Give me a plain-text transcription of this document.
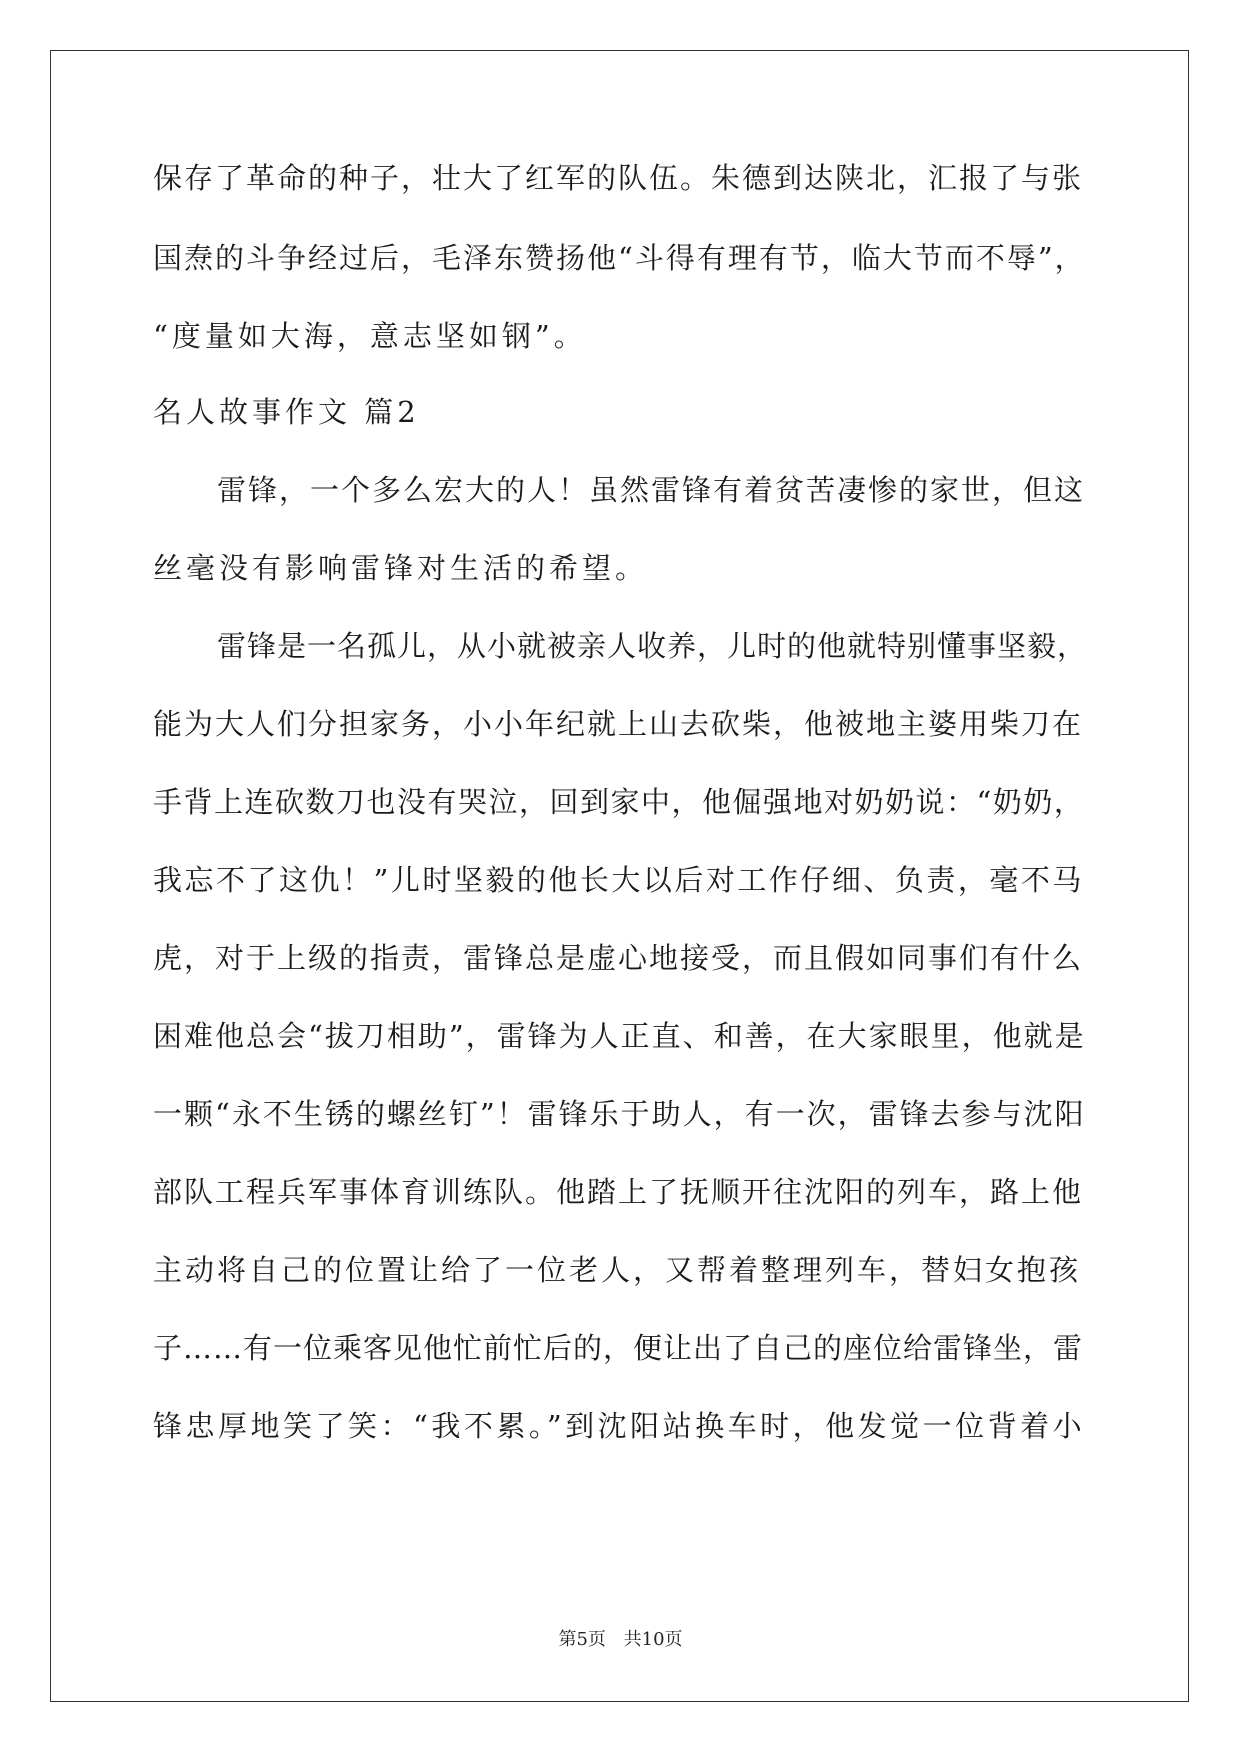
保存了革命的种子，壮大了红军的队伍。朱德到达陕北，汇报了与张
国焘的斗争经过后，毛泽东赞扬他“斗得有理有节，临大节而不辱”，
“度量如大海，意志坚如钢”。
名人故事作文 篇2
雷锋，一个多么宏大的人！虽然雷锋有着贫苦凄惨的家世，但这
丝毫没有影响雷锋对生活的希望。
雷锋是一名孤儿，从小就被亲人收养，儿时的他就特别懂事坚毅，
能为大人们分担家务，小小年纪就上山去砍柴，他被地主婆用柴刀在
手背上连砍数刀也没有哭泣，回到家中，他倔强地对奶奶说：“奶奶，
我忘不了这仇！”儿时坚毅的他长大以后对工作仔细、负责，毫不马
虎，对于上级的指责，雷锋总是虚心地接受，而且假如同事们有什么
困难他总会“拔刀相助”，雷锋为人正直、和善，在大家眼里，他就是
一颗“永不生锈的螺丝钉”！雷锋乐于助人，有一次，雷锋去参与沈阳
部队工程兵军事体育训练队。他踏上了抚顺开往沈阳的列车，路上他
主动将自己的位置让给了一位老人，又帮着整理列车，替妇女抱孩
子……有一位乘客见他忙前忙后的，便让出了自己的座位给雷锋坐，雷
锋忠厚地笑了笑：“我不累。”到沈阳站换车时，他发觉一位背着小
第5页 共10页
